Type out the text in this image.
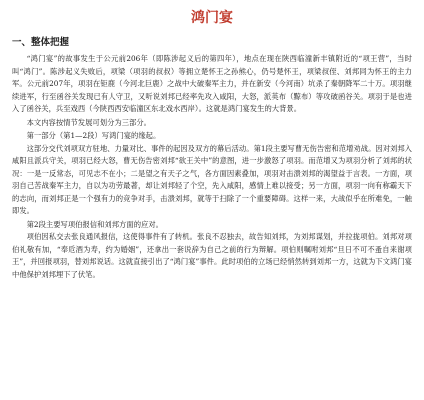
鸿门宴
一、整体把握

“鸿门宴”的故事发生于公元前206年（即陈涉起义后的第四年），地点在现在陕西临潼新丰镇附近的“项王营”，当时叫“鸿门”。陈涉起义失败后，项梁（项羽的叔叔）等拥立楚怀王之孙熊心，仍号楚怀王，项梁叔侄、刘邦同为怀王的主力军。公元前207年，项羽在钜鹿（今河北巨鹿）之战中大破秦军主力，并在新安（今河南）坑杀了秦朝降军二十万。项羽继续进军，行至函谷关发现已有人守卫，又听说刘邦已经率先攻入咸阳，大怒，派英布（黥布）等攻破函谷关。项羽于是也进入了函谷关，兵至戏西（今陕西西安临潼区东北戏水西岸）。这就是鸿门宴发生的大背景。

本文内容按情节发展可划分为三部分。

第一部分（第1—2段）写鸿门宴的缘起。

这部分交代刘项双方驻地、力量对比、事件的起因及双方的幕后活动。第1段主要写曹无伤告密和范增劝战。因对刘邦入咸阳且派兵守关，项羽已经大怒，曹无伤告密刘邦“欲王关中”的意图，进一步激怒了项羽。而范增又为项羽分析了刘邦的状况：一是一反常态，可见志不在小；二是望之有天子之气，各方面因素叠加，项羽对击溃刘邦的渴望益于言表。一方面，项羽自己苦战秦军主力，自以为功劳最著，却让刘邦轻了个空，先入咸阳，感情上难以接受；另一方面，项羽一向有称霸天下的志向，而刘邦正是一个强有力的竞争对手，击溃刘邦，就等于扫除了一个重要障碍。这样一来，大战似乎在所难免，一触即发。

第2段主要写项伯报信和刘邦方面的应对。

项伯因私交去张良通风报信，这使得事件有了转机。张良不忍独去，故告知刘邦，为刘邦谋划，并拉拢项伯。刘邦对项伯礼敬有加，“奉卮酒为寿，约为婚姻”，还拿出一套说辞为自己之前的行为辩解。项伯则嘱咐刘邦“旦日不可不蚤自来谢项王”，并回报项羽，替刘邦说话。这就直接引出了“鸿门宴”事件。此时项伯的立场已经悄然转到刘邦一方，这就为下文鸿门宴中他保护刘邦埋下了伏笔。
